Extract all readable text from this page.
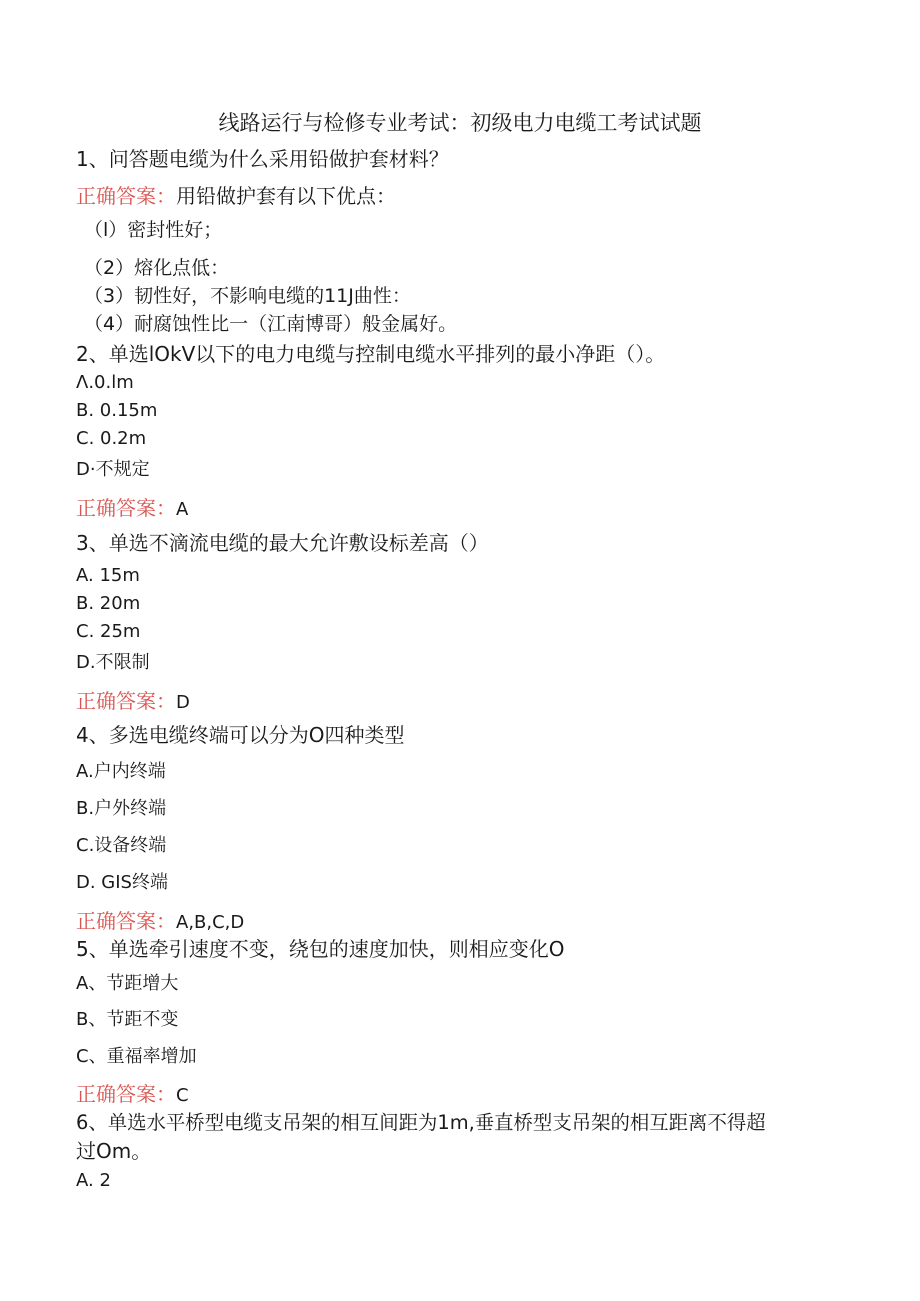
线路运行与检修专业考试：初级电力电缆工考试试题
1、问答题电缆为什么采用铅做护套材料？
正确答案：用铅做护套有以下优点：
（l）密封性好；
（2）熔化点低：
（3）韧性好，不影响电缆的11J曲性：
（4）耐腐蚀性比一（江南博哥）般金属好。
2、单选lOkV以下的电力电缆与控制电缆水平排列的最小净距（）。
Λ.0.lm
B. 0.15m
C. 0.2m
D·不规定
正确答案：A
3、单选不滴流电缆的最大允许敷设标差高（）
A. 15m
B. 20m
C. 25m
D.不限制
正确答案：D
4、多选电缆终端可以分为O四种类型
A.户内终端
B.户外终端
C.设备终端
D. GIS终端
正确答案：A,B,C,D
5、单选牵引速度不变，绕包的速度加快，则相应变化O
A、节距增大
B、节距不变
C、重福率增加
正确答案：C
6、单选水平桥型电缆支吊架的相互间距为1m,垂直桥型支吊架的相互距离不得超
过Om。
A. 2
